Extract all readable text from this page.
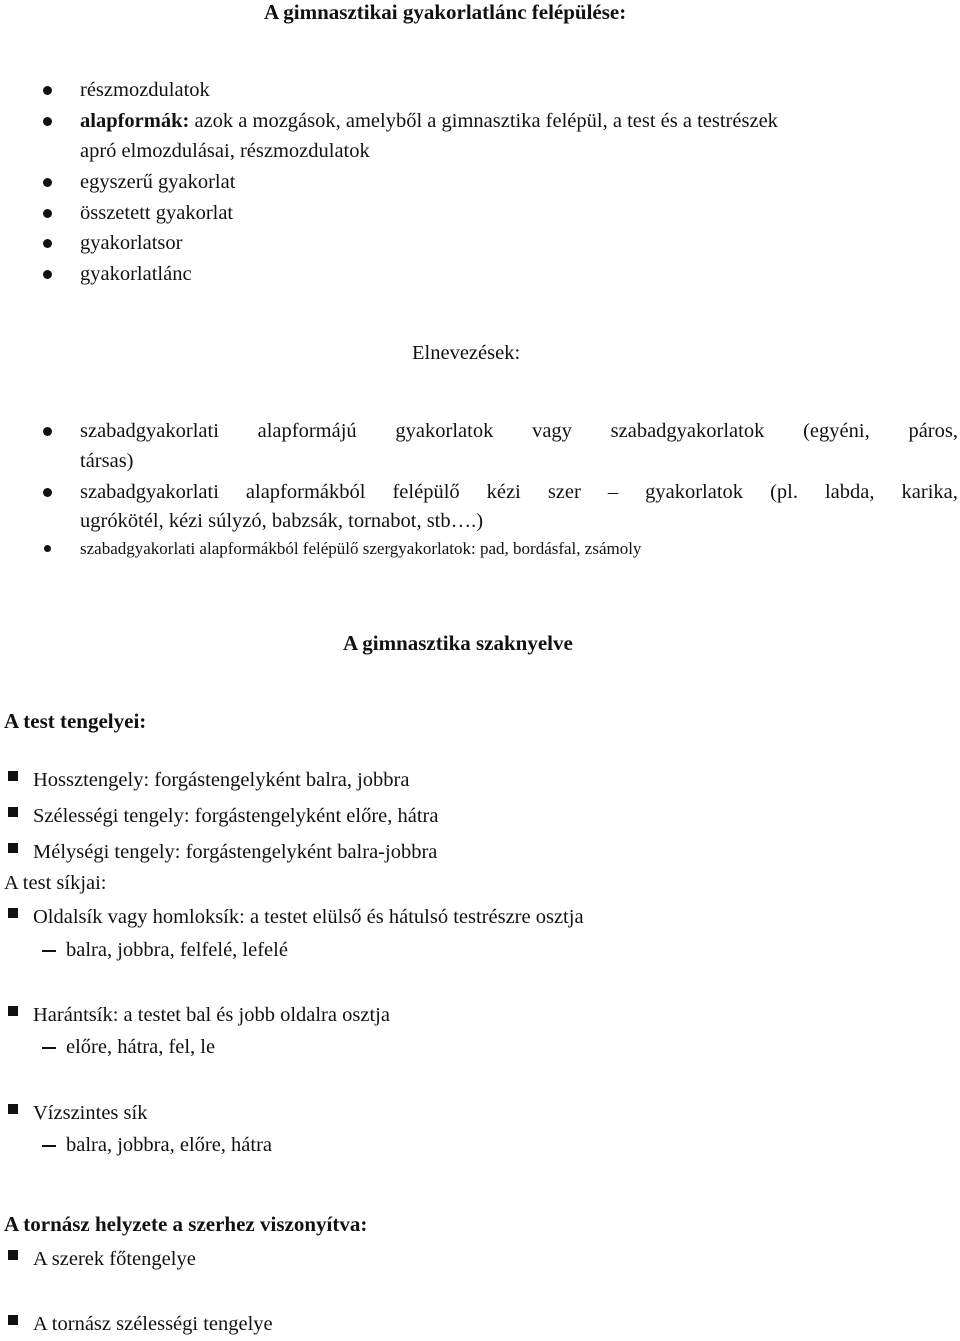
A gimnasztikai gyakorlatlánc felépülése:
részmozdulatok
alapformák: azok a mozgások, amelyből a gimnasztika felépül, a test és a testrészek
apró elmozdulásai, részmozdulatok
egyszerű gyakorlat
összetett gyakorlat
gyakorlatsor
gyakorlatlánc
Elnevezések:
szabadgyakorlati alapformájú gyakorlatok vagy szabadgyakorlatok (egyéni, páros,
társas)
szabadgyakorlati alapformákból felépülő kézi szer – gyakorlatok (pl. labda, karika,
ugrókötél, kézi súlyzó, babzsák, tornabot, stb….)
szabadgyakorlati alapformákból felépülő szergyakorlatok: pad, bordásfal, zsámoly
A gimnasztika szaknyelve
A test tengelyei:
Hossztengely: forgástengelyként balra, jobbra
Szélességi tengely: forgástengelyként előre, hátra
Mélységi tengely: forgástengelyként balra-jobbra
A test síkjai:
Oldalsík vagy homloksík: a testet elülső és hátulsó testrészre osztja
balra, jobbra, felfelé, lefelé
Harántsík: a testet bal és jobb oldalra osztja
előre, hátra, fel, le
Vízszintes sík
balra, jobbra, előre, hátra
A tornász helyzete a szerhez viszonyítva:
A szerek főtengelye
A tornász szélességi tengelye
